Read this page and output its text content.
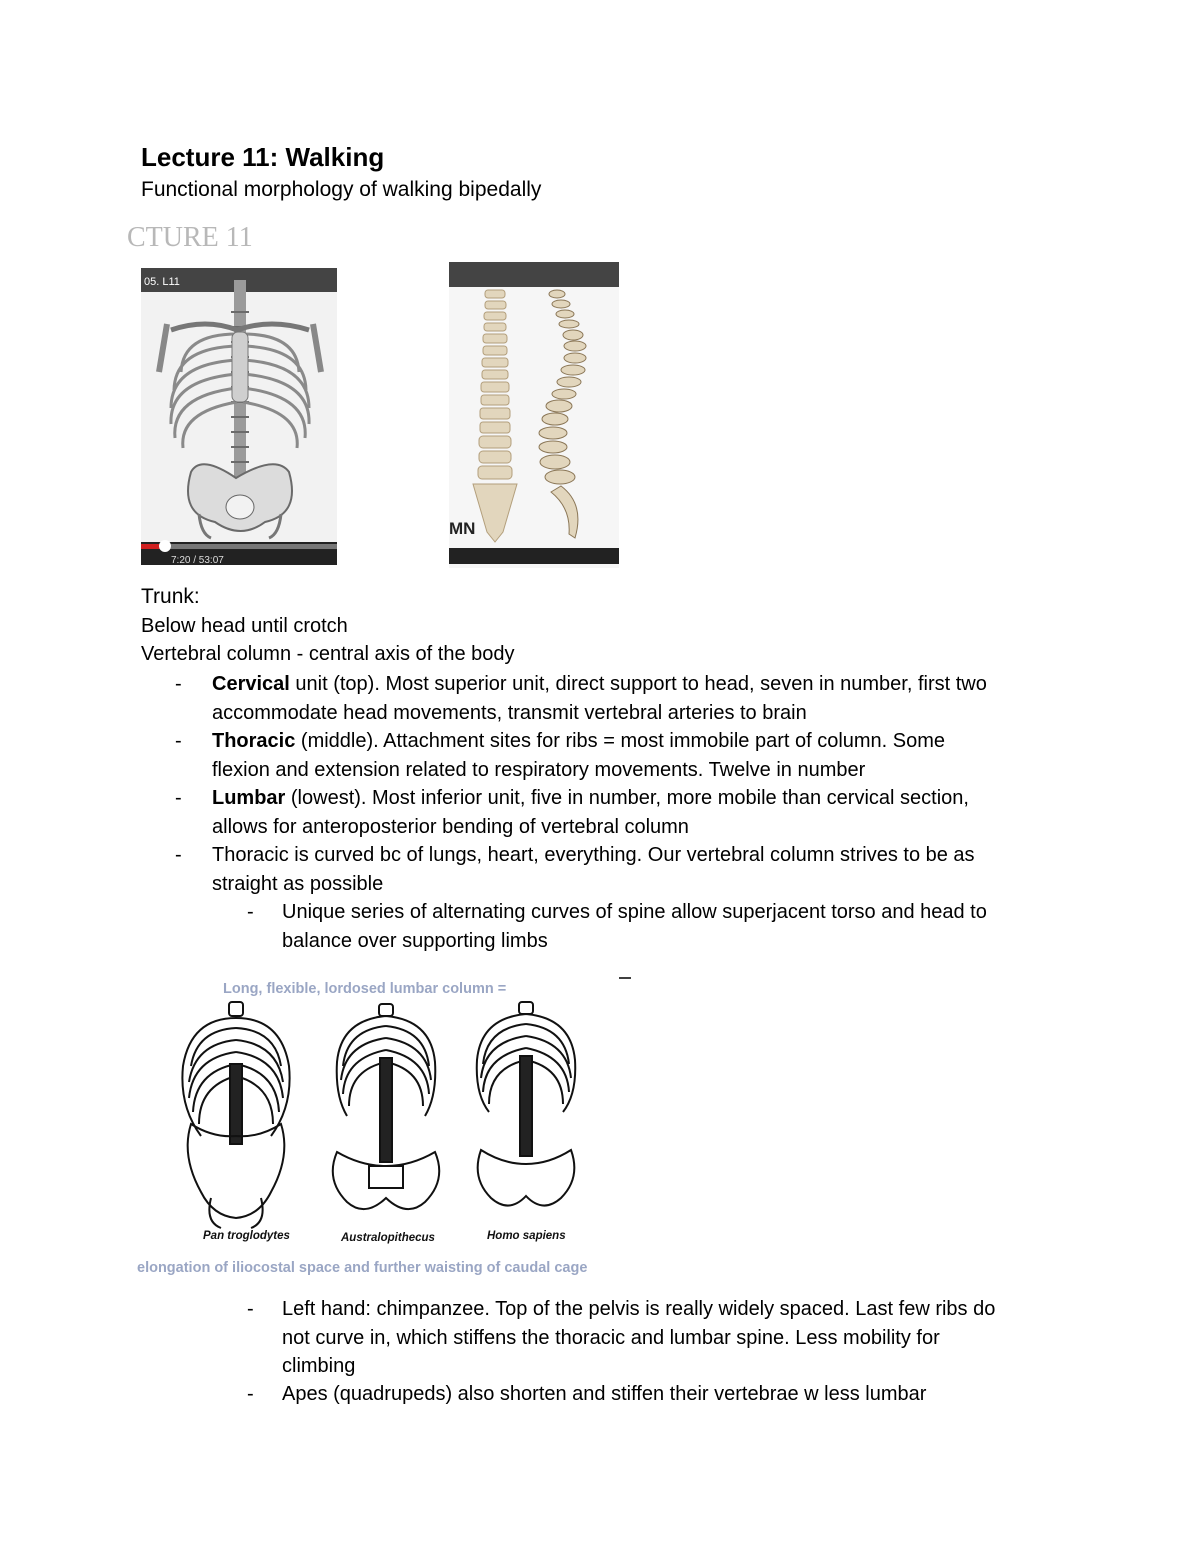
Lecture 11: Walking

Functional morphology of walking bipedally

CTURE 11
05. L11
7:20 / 53:07
MN

Trunk:

Below head until crotch

Vertebral column - central axis of the body

- Cervical unit (top). Most superior unit, direct support to head, seven in number, first two
accommodate head movements, transmit vertebral arteries to brain
- Thoracic (middle). Attachment sites for ribs = most immobile part of column. Some
flexion and extension related to respiratory movements. Twelve in number
- Lumbar (lowest). Most inferior unit, five in number, more mobile than cervical section,
allows for anteroposterior bending of vertebral column
- Thoracic is curved bc of lungs, heart, everything. Our vertebral column strives to be as
straight as possible
- Unique series of alternating curves of spine allow superjacent torso and head to
balance over supporting limbs
Long, flexible, lordosed lumbar column =
Pan troglodytes	Australopithecus	Homo sapiens
elongation of iliocostal space and further waisting of caudal cage
- Left hand: chimpanzee. Top of the pelvis is really widely spaced. Last few ribs do
not curve in, which stiffens the thoracic and lumbar spine. Less mobility for
climbing
- Apes (quadrupeds) also shorten and stiffen their vertebrae w less lumbar
